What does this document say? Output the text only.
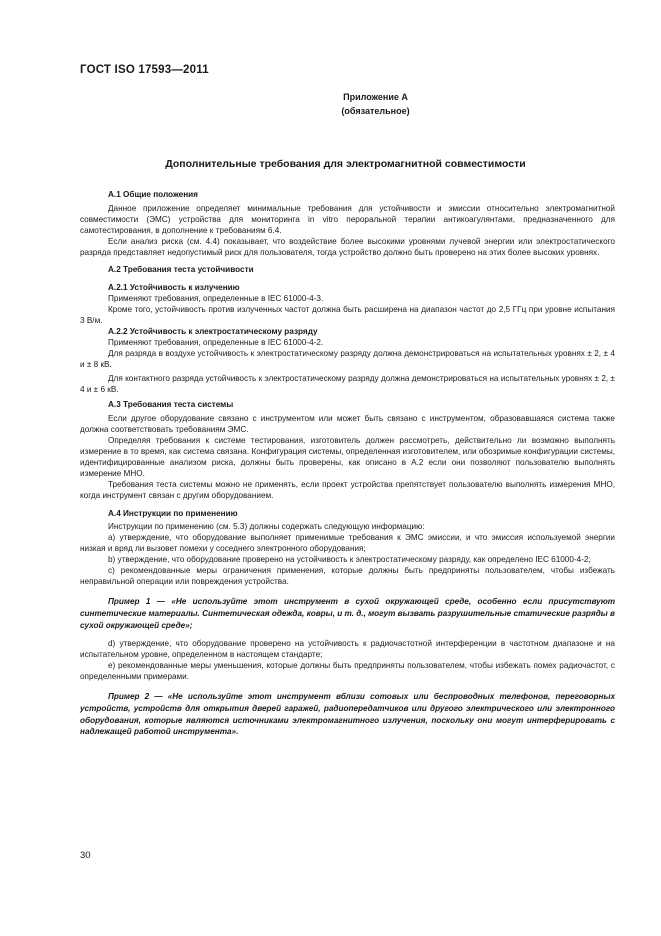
ГОСТ ISO 17593—2011
Приложение А
(обязательное)
Дополнительные требования для электромагнитной совместимости
А.1 Общие положения

Данное приложение определяет минимальные требования для устойчивости и эмиссии относительно электромагнитной совместимости (ЭМС) устройства для мониторинга in vitro пероральной терапии антикоагулянтами, предназначенного для самотестирования, в дополнение к требованиям 6.4.

Если анализ риска (см. 4.4) показывает, что воздействие более высокими уровнями лучевой энергии или электростатического разряда представляет недопустимый риск для пользователя, тогда устройство должно быть проверено на этих более высоких уровнях.

А.2 Требования теста устойчивости
А.2.1 Устойчивость к излучению

Применяют требования, определенные в IEC 61000-4-3.

Кроме того, устойчивость против излученных частот должна быть расширена на диапазон частот до 2,5 ГГц при уровне испытания 3 В/м.

А.2.2 Устойчивость к электростатическому разряду

Применяют требования, определенные в IEC 61000-4-2.

Для разряда в воздухе устойчивость к электростатическому разряду должна демонстрироваться на испытательных уровнях ± 2, ± 4 и ± 8 кВ.

Для контактного разряда устойчивость к электростатическому разряду должна демонстрироваться на испытательных уровнях ± 2, ± 4 и ± 6 кВ.

А.3 Требования теста системы

Если другое оборудование связано с инструментом или может быть связано с инструментом, образовавшаяся система также должна соответствовать требованиям ЭМС.

Определяя требования к системе тестирования, изготовитель должен рассмотреть, действительно ли возможно выполнять измерение в то время, как система связана. Конфигурация системы, определенная изготовителем, или обозримые конфигурации системы, идентифицированные анализом риска, должны быть проверены, как описано в А.2 если они позволяют пользователю выполнять измерение МНО.

Требования теста системы можно не применять, если проект устройства препятствует пользователю выполнять измерения МНО, когда инструмент связан с другим оборудованием.

А.4 Инструкции по применению

Инструкции по применению (см. 5.3) должны содержать следующую информацию:

а) утверждение, что оборудование выполняет применимые требования к ЭМС эмиссии, и что эмиссия используемой энергии низкая и вряд ли вызовет помехи у соседнего электронного оборудования;

b) утверждение, что оборудование проверено на устойчивость к электростатическому разряду, как определено IEC 61000-4-2;

c) рекомендованные меры ограничения применения, которые должны быть предприняты пользователем, чтобы избежать неправильной операции или повреждения устройства.

Пример 1 — «Не используйте этот инструмент в сухой окружающей среде, особенно если присутствуют синтетические материалы. Синтетическая одежда, ковры, и т. д., могут вызвать разрушительные статические разряды в сухой окружающей среде»;

d) утверждение, что оборудование проверено на устойчивость к радиочастотной интерференции в частотном диапазоне и на испытательном уровне, определенном в настоящем стандарте;

e) рекомендованные меры уменьшения, которые должны быть предприняты пользователем, чтобы избежать помех радиочастот, с определенными примерами.

Пример 2 — «Не используйте этот инструмент вблизи сотовых или беспроводных телефонов, переговорных устройств, устройств для открытия дверей гаражей, радиопередатчиков или другого электрического или электронного оборудования, которые являются источниками электромагнитного излучения, поскольку они могут интерферировать с надлежащей работой инструмента».

30
